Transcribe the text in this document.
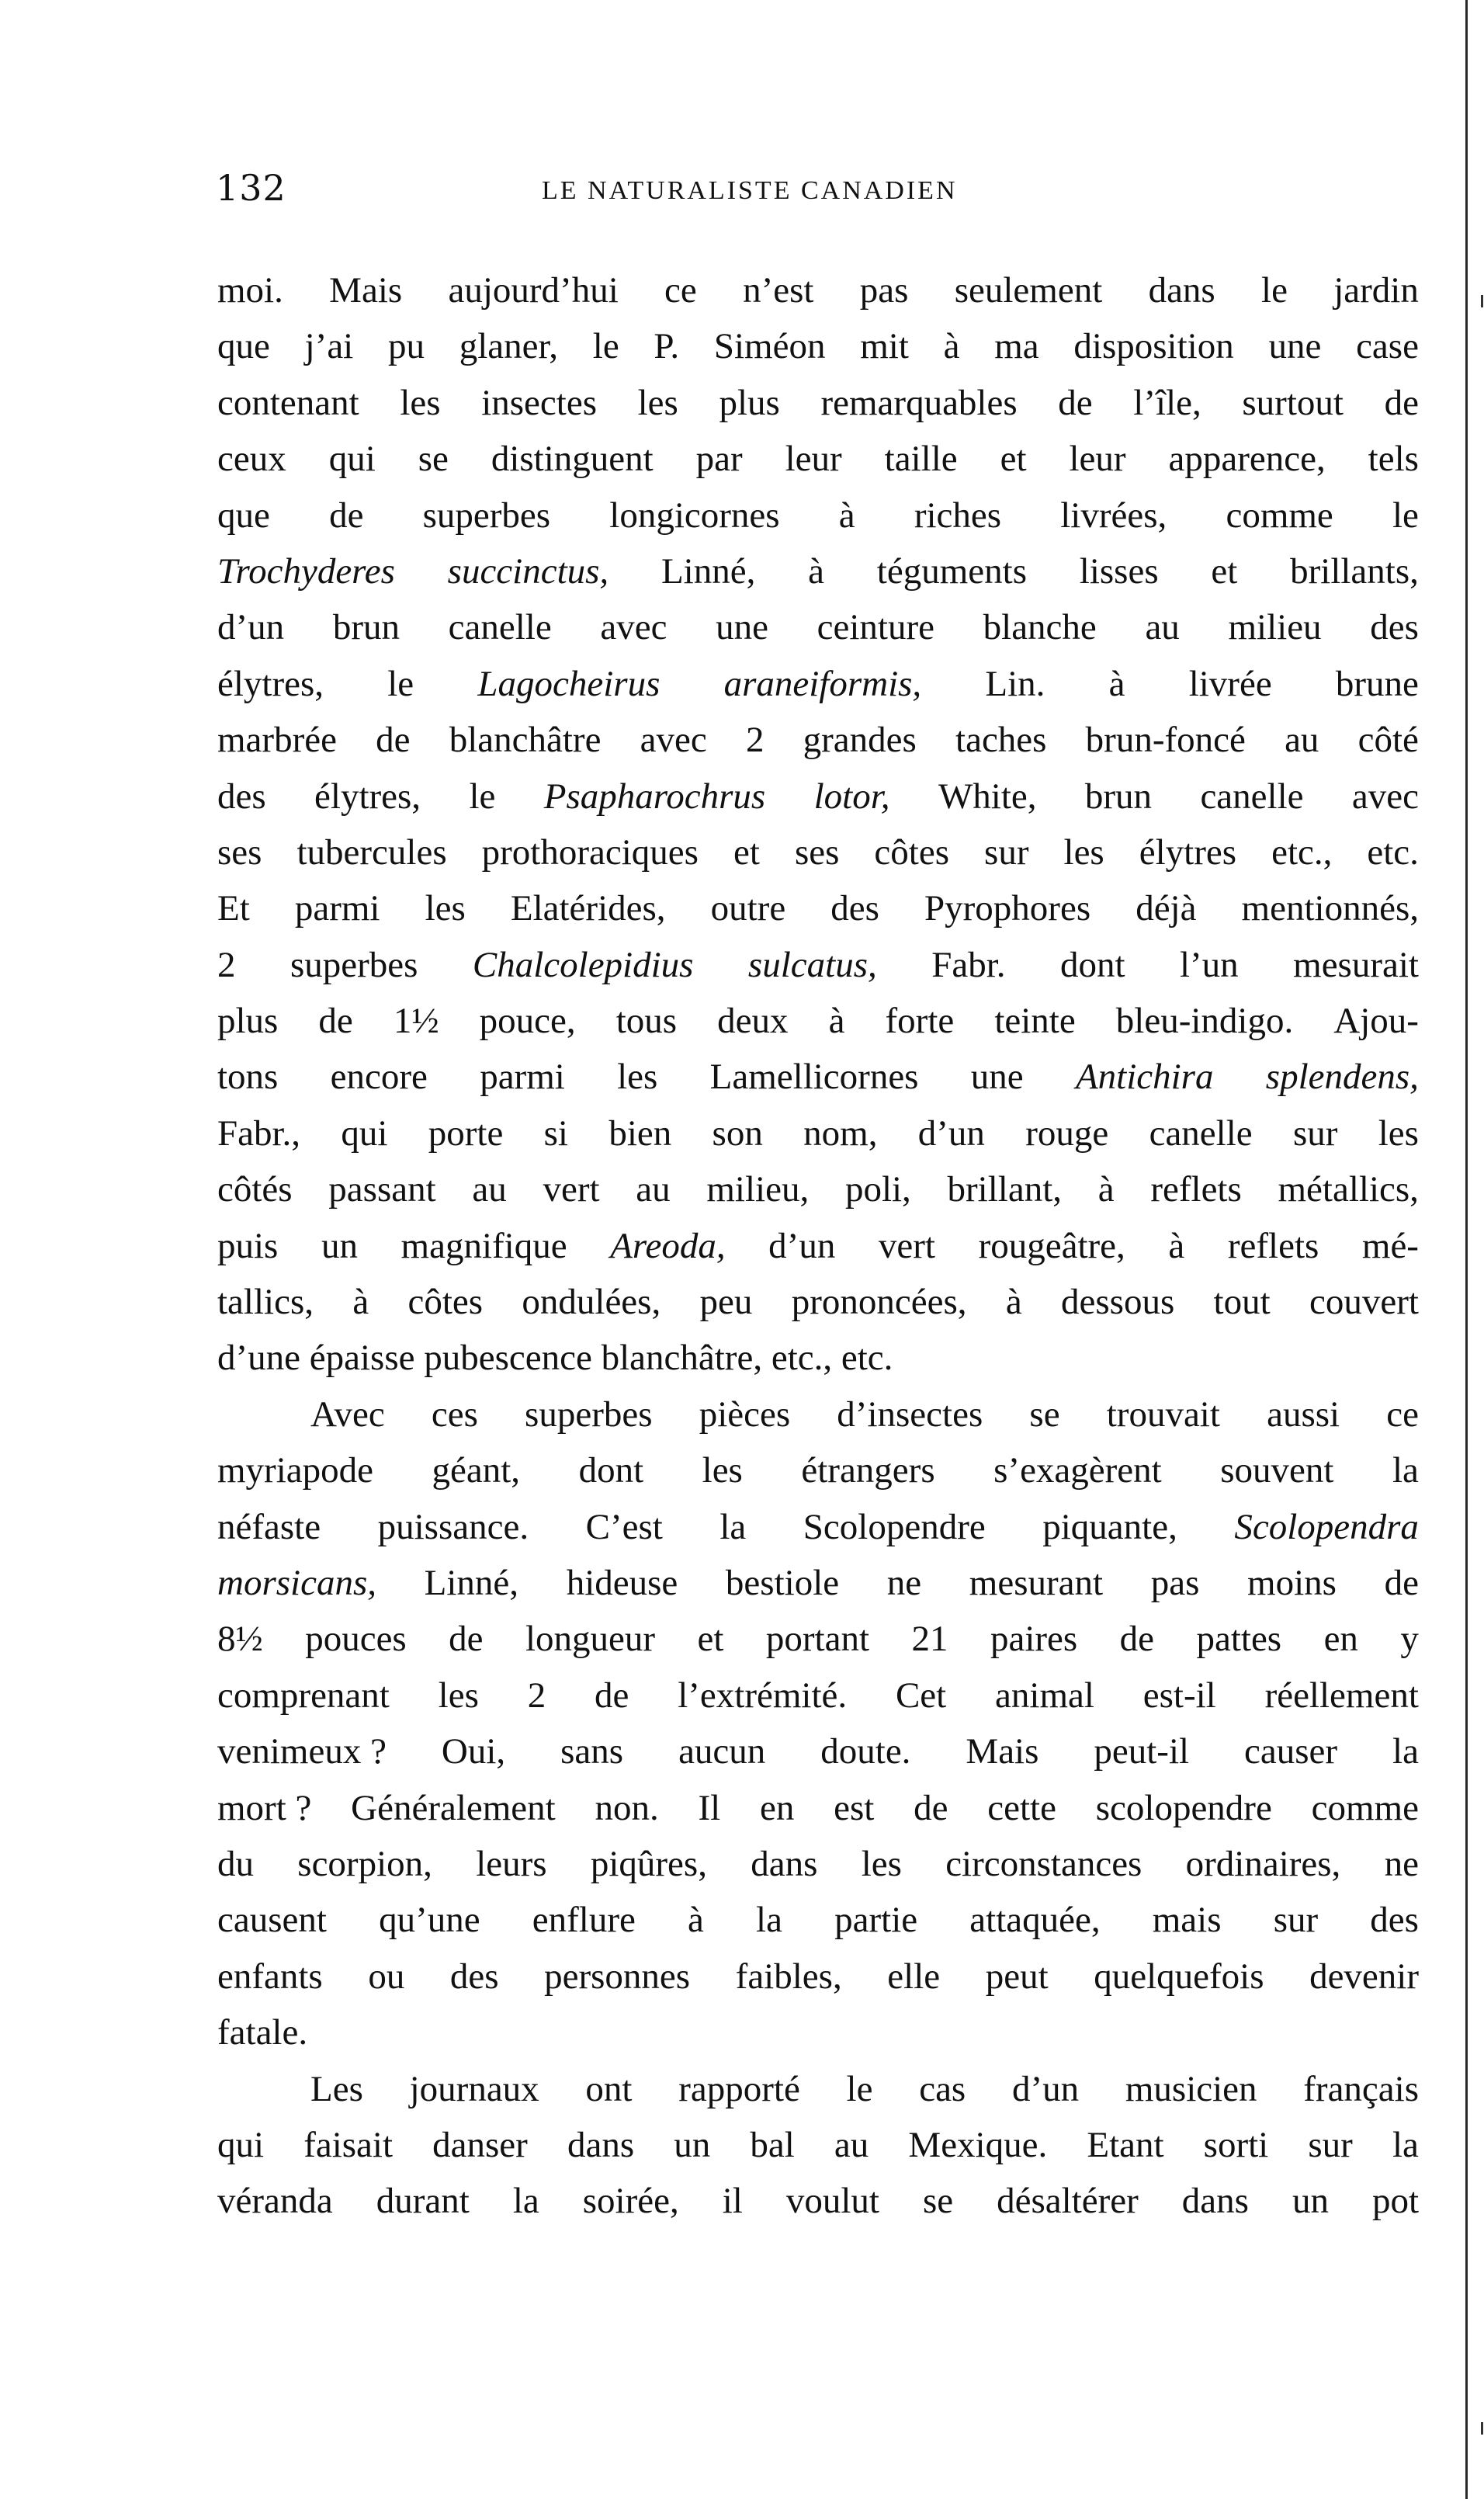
132	LE NATURALISTE CANADIEN
moi. Mais aujourd’hui ce n’est pas seulement dans le jardin
que j’ai pu glaner, le P. Siméon mit à ma disposition une case
contenant les insectes les plus remarquables de l’île, surtout de
ceux qui se distinguent par leur taille et leur apparence, tels
que de superbes longicornes à riches livrées, comme le
Trochyderes succinctus, Linné, à téguments lisses et brillants,
d’un brun canelle avec une ceinture blanche au milieu des
élytres, le Lagocheirus araneiformis, Lin. à livrée brune
marbrée de blanchâtre avec 2 grandes taches brun-foncé au côté
des élytres, le Psapharochrus lotor, White, brun canelle avec
ses tubercules prothoraciques et ses côtes sur les élytres etc., etc.
Et parmi les Elatérides, outre des Pyrophores déjà mentionnés,
2 superbes Chalcolepidius sulcatus, Fabr. dont l’un mesurait
plus de 1½ pouce, tous deux à forte teinte bleu-indigo. Ajou-
tons encore parmi les Lamellicornes une Antichira splendens,
Fabr., qui porte si bien son nom, d’un rouge canelle sur les
côtés passant au vert au milieu, poli, brillant, à reflets métallics,
puis un magnifique Areoda, d’un vert rougeâtre, à reflets mé-
tallics, à côtes ondulées, peu prononcées, à dessous tout couvert
d’une
épaisse
pubescence
blanchâtre,
etc.,
etc.
Avec ces superbes pièces d’insectes se trouvait aussi ce
myriapode géant, dont les étrangers s’exagèrent souvent la
néfaste puissance. C’est la Scolopendre piquante, Scolopendra
morsicans, Linné, hideuse bestiole ne mesurant pas moins de
8½ pouces de longueur et portant 21 paires de pattes en y
comprenant les 2 de l’extrémité. Cet animal est-il réellement
venimeux ? Oui, sans aucun doute. Mais peut-il causer la
mort ? Généralement non. Il en est de cette scolopendre comme
du scorpion, leurs piqûres, dans les circonstances ordinaires, ne
causent qu’une enflure à la partie attaquée, mais sur des
enfants ou des personnes faibles, elle peut quelquefois devenir
fatale.
Les journaux ont rapporté le cas d’un musicien français
qui faisait danser dans un bal au Mexique. Etant sorti sur la
véranda durant la soirée, il voulut se désaltérer dans un pot
